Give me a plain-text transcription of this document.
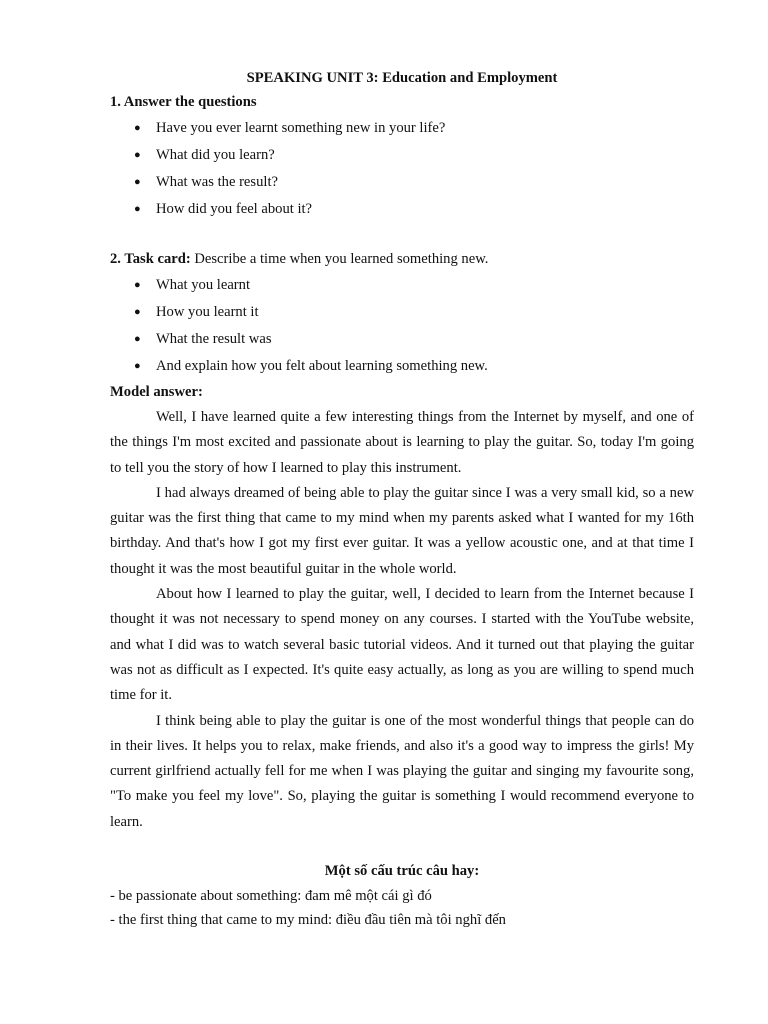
SPEAKING UNIT 3: Education and Employment

1. Answer the questions

● Have you ever learnt something new in your life?
● What did you learn?
● What was the result?
● How did you feel about it?

2. Task card: Describe a time when you learned something new.

● What you learnt
● How you learnt it
● What the result was
● And explain how you felt about learning something new.

Model answer:

Well, I have learned quite a few interesting things from the Internet by myself, and one of the things I'm most excited and passionate about is learning to play the guitar. So, today I'm going to tell you the story of how I learned to play this instrument.

I had always dreamed of being able to play the guitar since I was a very small kid, so a new guitar was the first thing that came to my mind when my parents asked what I wanted for my 16th birthday. And that's how I got my first ever guitar. It was a yellow acoustic one, and at that time I thought it was the most beautiful guitar in the whole world.

About how I learned to play the guitar, well, I decided to learn from the Internet because I thought it was not necessary to spend money on any courses. I started with the YouTube website, and what I did was to watch several basic tutorial videos. And it turned out that playing the guitar was not as difficult as I expected. It's quite easy actually, as long as you are willing to spend much time for it.

I think being able to play the guitar is one of the most wonderful things that people can do in their lives. It helps you to relax, make friends, and also it's a good way to impress the girls! My current girlfriend actually fell for me when I was playing the guitar and singing my favourite song, "To make you feel my love". So, playing the guitar is something I would recommend everyone to learn.

Một số cấu trúc câu hay:

- be passionate about something: đam mê một cái gì đó

- the first thing that came to my mind: điều đầu tiên mà tôi nghĩ đến
